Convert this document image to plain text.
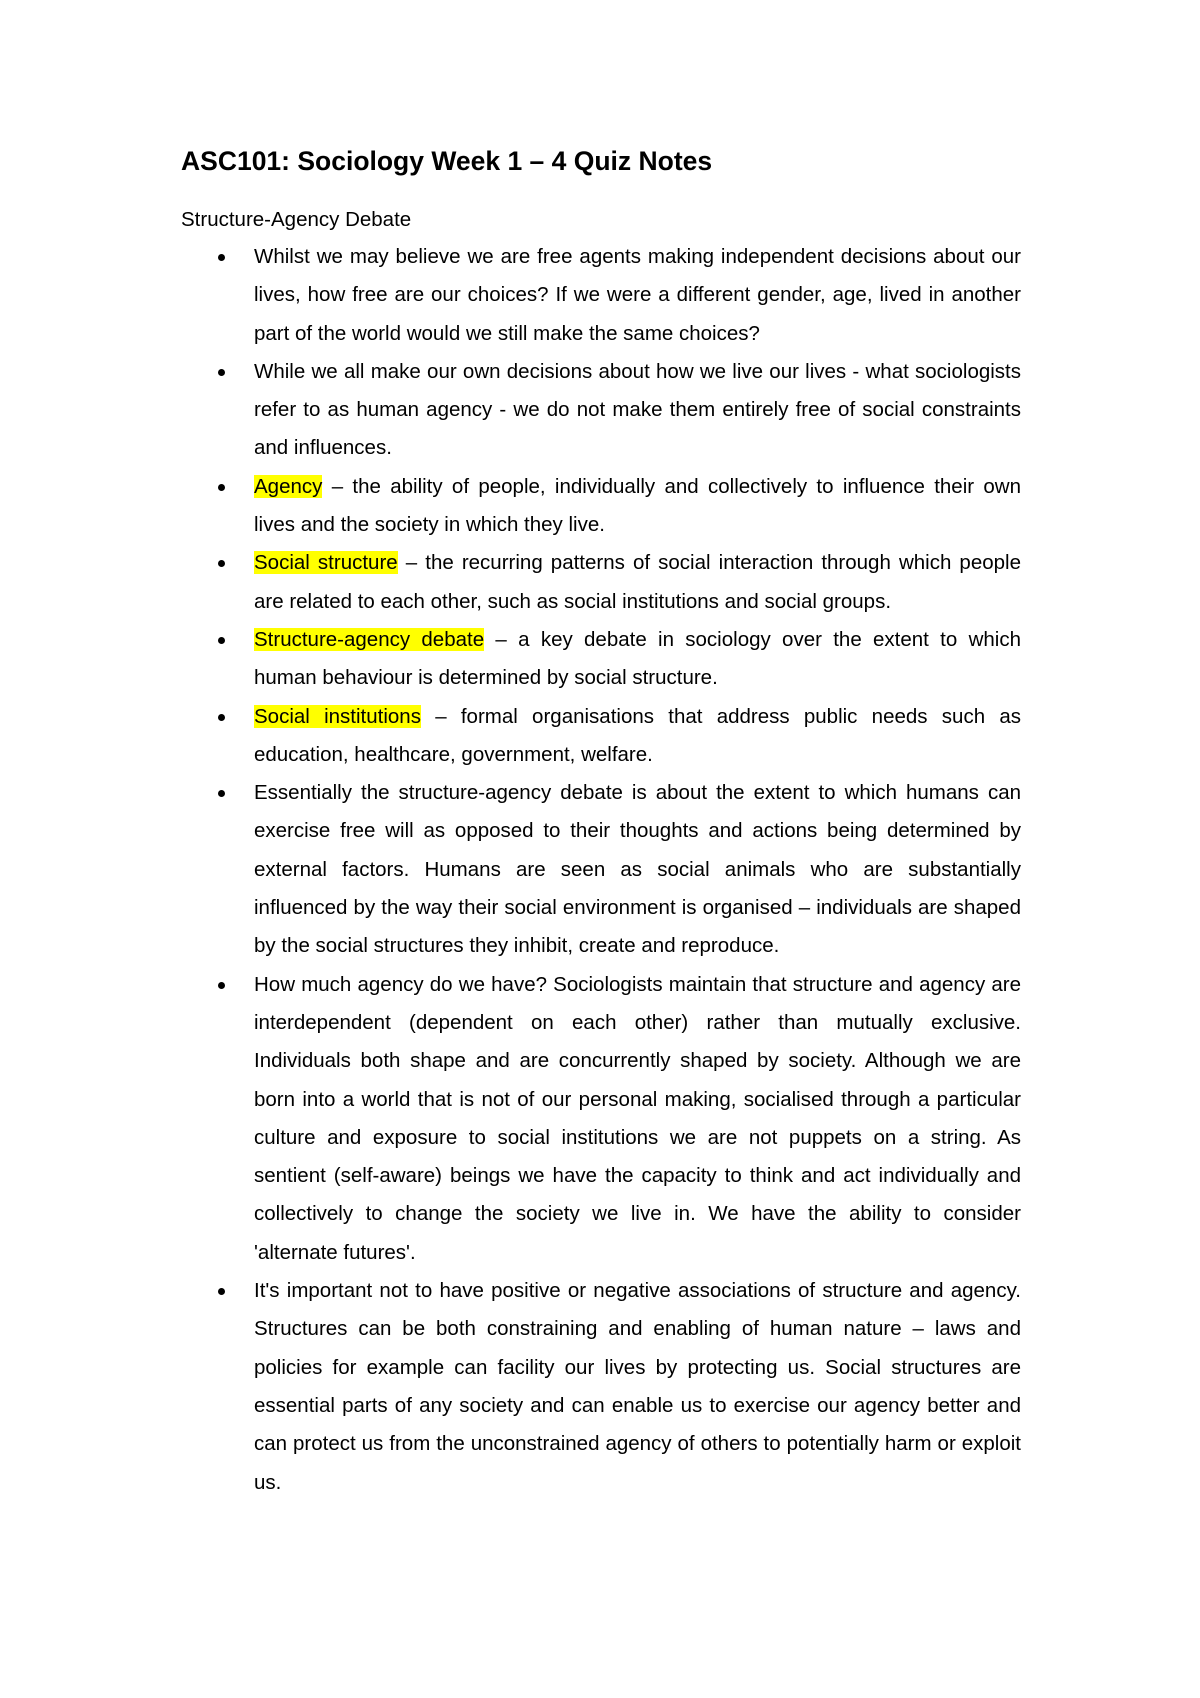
ASC101: Sociology Week 1 – 4 Quiz Notes

Structure-Agency Debate

Whilst we may believe we are free agents making independent decisions about our lives, how free are our choices? If we were a different gender, age, lived in another part of the world would we still make the same choices?
While we all make our own decisions about how we live our lives - what sociologists refer to as human agency - we do not make them entirely free of social constraints and influences.
Agency – the ability of people, individually and collectively to influence their own lives and the society in which they live.
Social structure – the recurring patterns of social interaction through which people are related to each other, such as social institutions and social groups.
Structure-agency debate – a key debate in sociology over the extent to which human behaviour is determined by social structure.
Social institutions – formal organisations that address public needs such as education, healthcare, government, welfare.
Essentially the structure-agency debate is about the extent to which humans can exercise free will as opposed to their thoughts and actions being determined by external factors. Humans are seen as social animals who are substantially influenced by the way their social environment is organised – individuals are shaped by the social structures they inhibit, create and reproduce.
How much agency do we have? Sociologists maintain that structure and agency are interdependent (dependent on each other) rather than mutually exclusive. Individuals both shape and are concurrently shaped by society. Although we are born into a world that is not of our personal making, socialised through a particular culture and exposure to social institutions we are not puppets on a string. As sentient (self-aware) beings we have the capacity to think and act individually and collectively to change the society we live in. We have the ability to consider 'alternate futures'.
It's important not to have positive or negative associations of structure and agency. Structures can be both constraining and enabling of human nature – laws and policies for example can facility our lives by protecting us. Social structures are essential parts of any society and can enable us to exercise our agency better and can protect us from the unconstrained agency of others to potentially harm or exploit us.
